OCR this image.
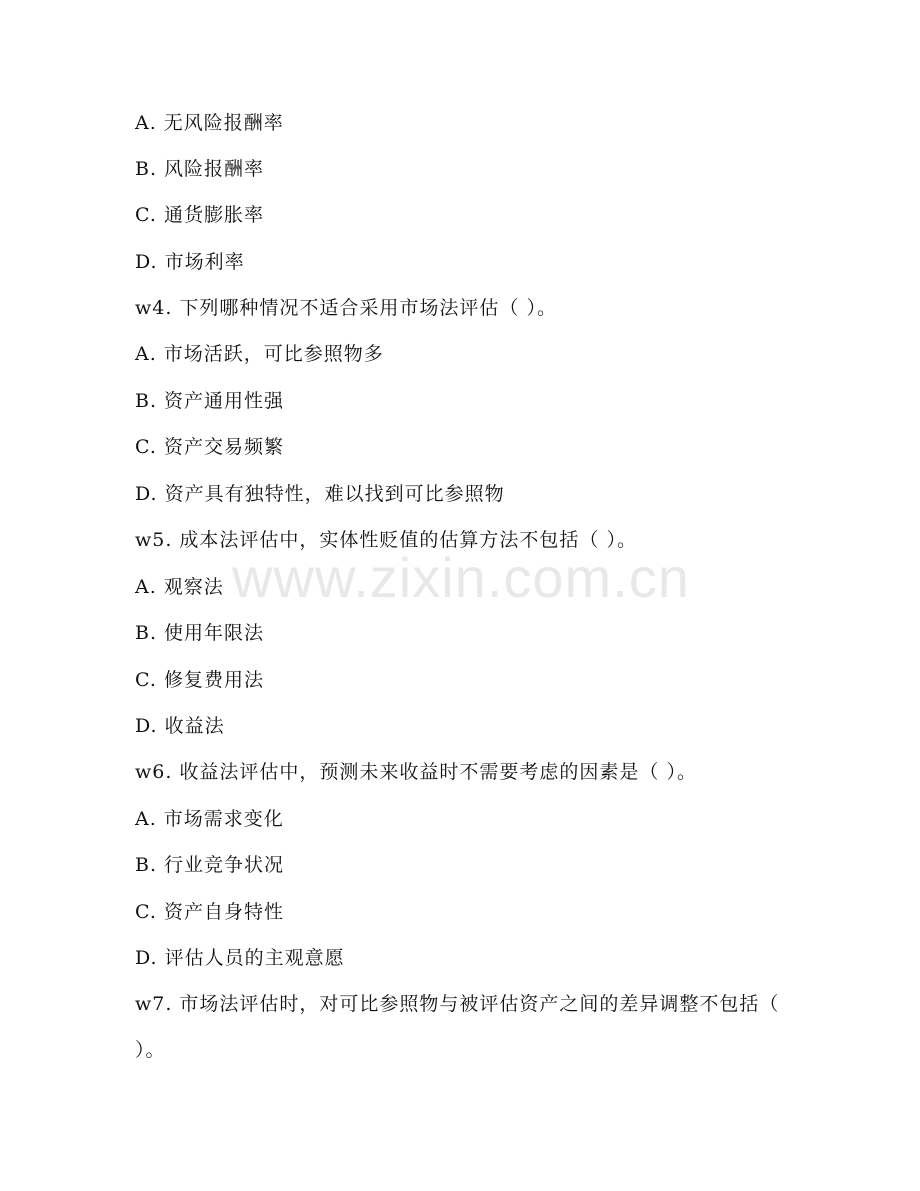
www.zixin.com.cn
A. 无风险报酬率
B. 风险报酬率
C. 通货膨胀率
D. 市场利率
w4. 下列哪种情况不适合采用市场法评估（ ）。
A. 市场活跃，可比参照物多
B. 资产通用性强
C. 资产交易频繁
D. 资产具有独特性，难以找到可比参照物
w5. 成本法评估中，实体性贬值的估算方法不包括（ ）。
A. 观察法
B. 使用年限法
C. 修复费用法
D. 收益法
w6. 收益法评估中，预测未来收益时不需要考虑的因素是（ ）。
A. 市场需求变化
B. 行业竞争状况
C. 资产自身特性
D. 评估人员的主观意愿
w7. 市场法评估时，对可比参照物与被评估资产之间的差异调整不包括（ ）。
